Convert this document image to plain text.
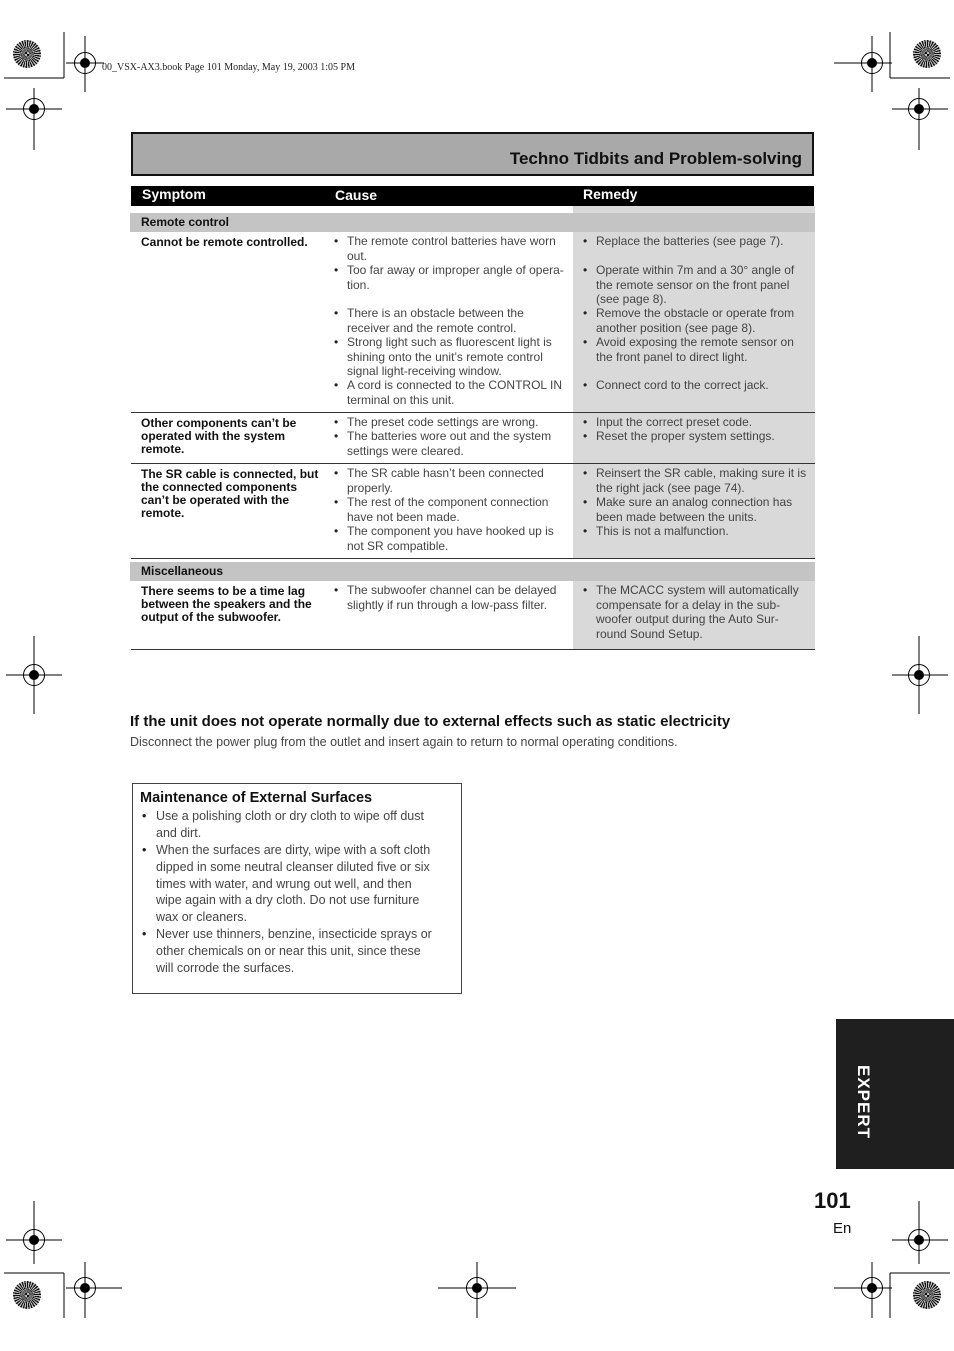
00_VSX-AX3.book Page 101 Monday, May 19, 2003 1:05 PM
Techno Tidbits and Problem-solving
Symptom	Cause	Remedy
Remote control
Miscellaneous
Cannot be remote controlled.
•	The remote control batteries have worn
out.
• Too far away or improper angle of opera-
tion.
• There is an obstacle between the
receiver and the remote control.
• Strong light such as fluorescent light is
shining onto the unit’s remote control
signal light-receiving window.
• A cord is connected to the CONTROL IN
terminal on this unit.
• Replace the batteries (see page 7).
• Operate within 7m and a 30° angle of
the remote sensor on the front panel
(see page 8).
• Remove the obstacle or operate from
another position (see page 8).
• Avoid exposing the remote sensor on
the front panel to direct light.
• Connect cord to the correct jack.
Other components can’t be
operated with the system
remote.
• The preset code settings are wrong.
• The batteries wore out and the system
settings were cleared.
• Input the correct preset code.
• Reset the proper system settings.
The SR cable is connected, but
the connected components
can’t be operated with the
remote.
• The SR cable hasn’t been connected
properly.
• The rest of the component connection
have not been made.
• The component you have hooked up is
not SR compatible.
• Reinsert the SR cable, making sure it is
the right jack (see page 74).
• Make sure an analog connection has
been made between the units.
• This is not a malfunction.
There seems to be a time lag
between the speakers and the
output of the subwoofer.
• The subwoofer channel can be delayed
slightly if run through a low-pass filter.
• The MCACC system will automatically
compensate for a delay in the sub-
woofer output during the Auto Sur-
round Sound Setup.
If the unit does not operate normally due to external effects such as static electricity
Disconnect the power plug from the outlet and insert again to return to normal operating conditions.
Maintenance of External Surfaces
• Use a polishing cloth or dry cloth to wipe off dust
and dirt.
• When the surfaces are dirty, wipe with a soft cloth
dipped in some neutral cleanser diluted five or six
times with water, and wrung out well, and then
wipe again with a dry cloth. Do not use furniture
wax or cleaners.
• Never use thinners, benzine, insecticide sprays or
other chemicals on or near this unit, since these
will corrode the surfaces.
EXPERT
101
En
